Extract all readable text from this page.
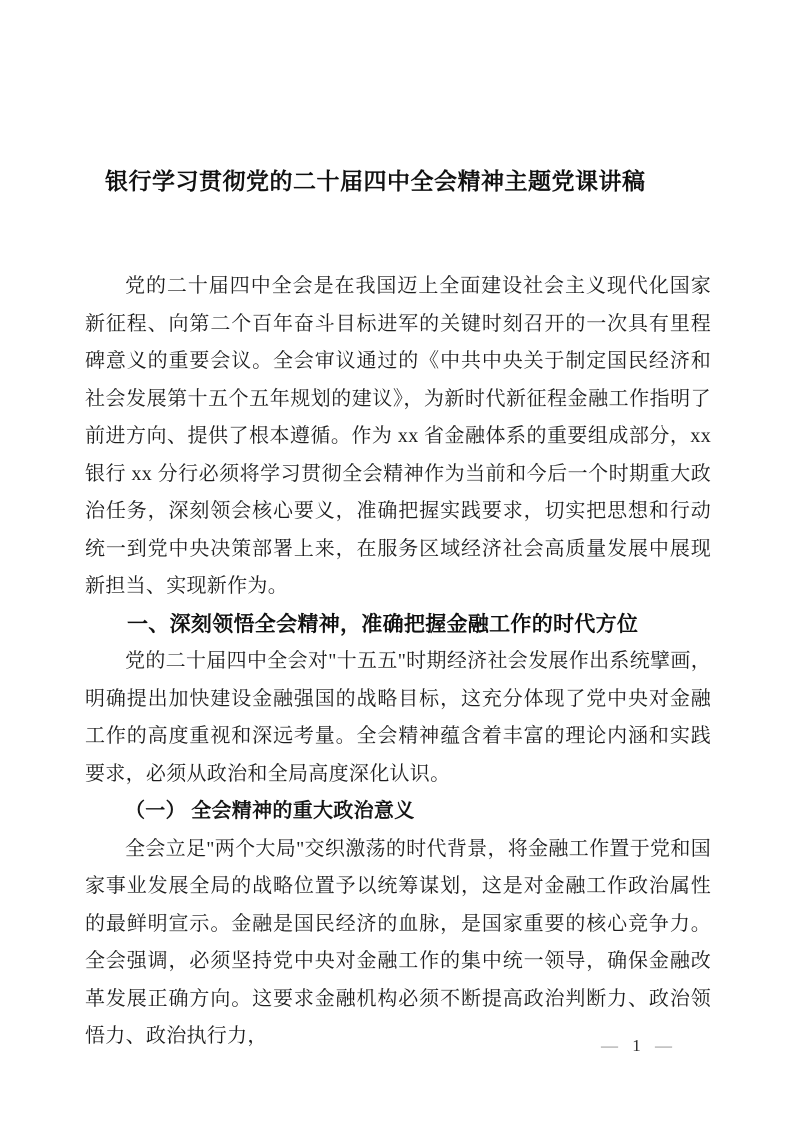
银行学习贯彻党的二十届四中全会精神主题党课讲稿

党的二十届四中全会是在我国迈上全面建设社会主义现代化国家新征程、向第二个百年奋斗目标进军的关键时刻召开的一次具有里程碑意义的重要会议。全会审议通过的《中共中央关于制定国民经济和社会发展第十五个五年规划的建议》，为新时代新征程金融工作指明了前进方向、提供了根本遵循。作为 xx 省金融体系的重要组成部分，xx 银行 xx 分行必须将学习贯彻全会精神作为当前和今后一个时期重大政治任务，深刻领会核心要义，准确把握实践要求，切实把思想和行动统一到党中央决策部署上来，在服务区域经济社会高质量发展中展现新担当、实现新作为。

一、深刻领悟全会精神，准确把握金融工作的时代方位

党的二十届四中全会对"十五五"时期经济社会发展作出系统擘画，明确提出加快建设金融强国的战略目标，这充分体现了党中央对金融工作的高度重视和深远考量。全会精神蕴含着丰富的理论内涵和实践要求，必须从政治和全局高度深化认识。

（一） 全会精神的重大政治意义

全会立足"两个大局"交织激荡的时代背景，将金融工作置于党和国家事业发展全局的战略位置予以统筹谋划，这是对金融工作政治属性的最鲜明宣示。金融是国民经济的血脉，是国家重要的核心竞争力。全会强调，必须坚持党中央对金融工作的集中统一领导，确保金融改革发展正确方向。这要求金融机构必须不断提高政治判断力、政治领悟力、政治执行力，	— 1 —
